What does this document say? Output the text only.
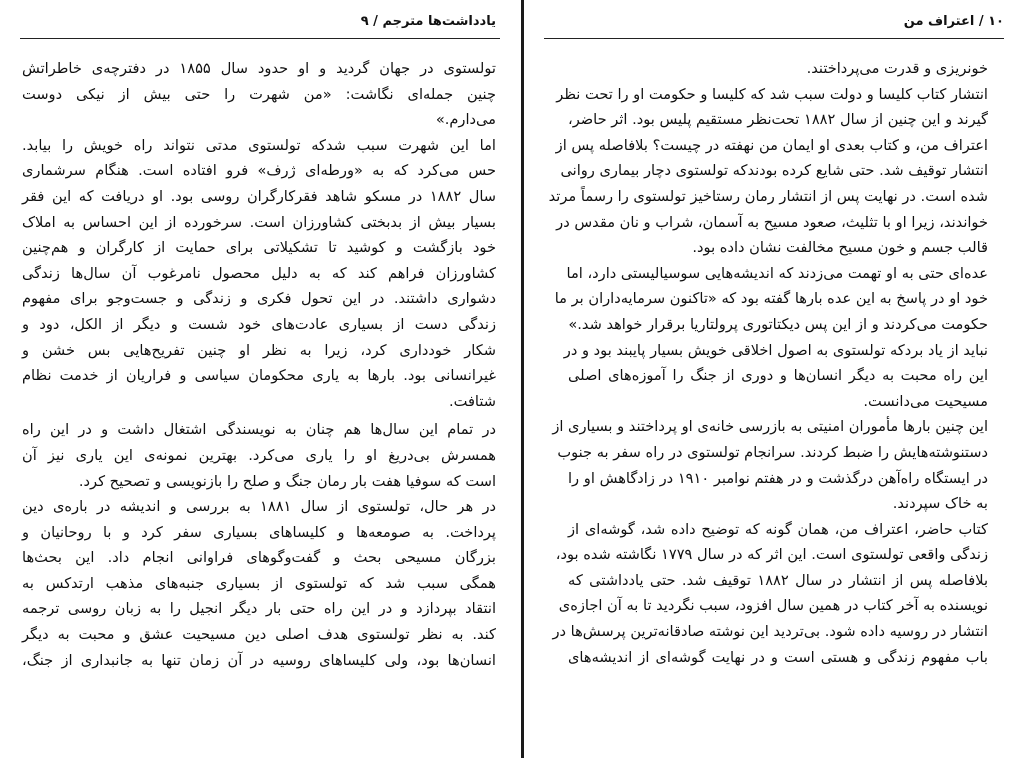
یادداشت‌ها مترجم / ۹
تولستوی در جهان گردید و او حدود سال ۱۸۵۵ در دفترچه‌ی خاطراتش
چنین جمله‌ای نگاشت: «من شهرت را حتی بیش از نیکی دوست
می‌دارم.»
اما این شهرت سبب شدکه تولستوی مدتی نتواند راه خویش را بیابد.
حس می‌کرد که به «ورطه‌ای ژرف» فرو افتاده است. هنگام سرشماری
سال ۱۸۸۲ در مسکو شاهد فقرکارگران روسی بود. او دریافت که این فقر
بسیار بیش از بدبختی کشاورزان است. سرخورده از این احساس به املاک
خود بازگشت و کوشید تا تشکیلاتی برای حمایت از کارگران و هم‌چنین
کشاورزان فراهم کند که به دلیل محصول نامرغوب آن سال‌ها زندگی
دشواری داشتند. در این تحول فکری و زندگی و جست‌وجو برای مفهوم
زندگی دست از بسیاری عادت‌های خود شست و دیگر از الکل، دود و
شکار خودداری کرد، زیرا به نظر او چنین تفریح‌هایی بس خشن و
غیرانسانی بود. بارها به یاری محکومان سیاسی و فراریان از خدمت نظام
شتافت.
در تمام این سال‌ها هم چنان به نویسندگی اشتغال داشت و در این راه
همسرش بی‌دریغ او را یاری می‌کرد. بهترین نمونه‌ی این یاری نیز آن
است که سوفیا هفت بار رمان جنگ و صلح را بازنویسی و تصحیح کرد.
در هر حال، تولستوی از سال ۱۸۸۱ به بررسی و اندیشه در باره‌ی دین
پرداخت. به صومعه‌ها و کلیساهای بسیاری سفر کرد و با روحانیان و
بزرگان مسیحی بحث و گفت‌وگوهای فراوانی انجام داد. این بحث‌ها
همگی سبب شد که تولستوی از بسیاری جنبه‌های مذهب ارتدکس به
انتقاد بپردازد و در این راه حتی بار دیگر انجیل را به زبان روسی ترجمه
کند. به نظر تولستوی هدف اصلی دین مسیحیت عشق و محبت به دیگر
انسان‌ها بود، ولی کلیساهای روسیه در آن زمان تنها به جانبداری از جنگ،
۱۰ / اعتراف من
خونریزی و قدرت می‌پرداختند.
انتشار کتاب کلیسا و دولت سبب شد که کلیسا و حکومت او را تحت نظر
گیرند و این چنین از سال ۱۸۸۲ تحت‌نظر مستقیم پلیس بود. اثر حاضر،
اعتراف من، و کتاب بعدی او ایمان من نهفته در چیست؟ بلافاصله پس از
انتشار توقیف شد. حتی شایع کرده بودندکه تولستوی دچار بیماری روانی
شده است. در نهایت پس از انتشار رمان رستاخیز تولستوی را رسماً مرتد
خواندند، زیرا او با تثلیث، صعود مسیح به آسمان، شراب و نان مقدس در
قالب جسم و خون مسیح مخالفت نشان داده بود.
عده‌ای حتی به او تهمت می‌زدند که اندیشه‌هایی سوسیالیستی دارد، اما
خود او در پاسخ به این عده بارها گفته بود که «تاکنون سرمایه‌داران بر ما
حکومت می‌کردند و از این پس دیکتاتوری پرولتاریا برقرار خواهد شد.»
نباید از یاد بردکه تولستوی به اصول اخلاقی خویش بسیار پایبند بود و در
این راه محبت به دیگر انسان‌ها و دوری از جنگ را آموزه‌های اصلی
مسیحیت می‌دانست.
این چنین بارها مأموران امنیتی به بازرسی خانه‌ی او پرداختند و بسیاری از
دستنوشته‌هایش را ضبط کردند. سرانجام تولستوی در راه سفر به جنوب
در ایستگاه راه‌آهن درگذشت و در هفتم نوامبر ۱۹۱۰ در زادگاهش او را
به خاک سپردند.
کتاب حاضر، اعتراف من، همان گونه که توضیح داده شد، گوشه‌ای از
زندگی واقعی تولستوی است. این اثر که در سال ۱۷۷۹ نگاشته شده بود،
بلافاصله پس از انتشار در سال ۱۸۸۲ توقیف شد. حتی یادداشتی که
نویسنده به آخر کتاب در همین سال افزود، سبب نگردید تا به آن اجازه‌ی
انتشار در روسیه داده شود. بی‌تردید این نوشته صادقانه‌ترین پرسش‌ها در
باب مفهوم زندگی و هستی است و در نهایت گوشه‌ای از اندیشه‌های
